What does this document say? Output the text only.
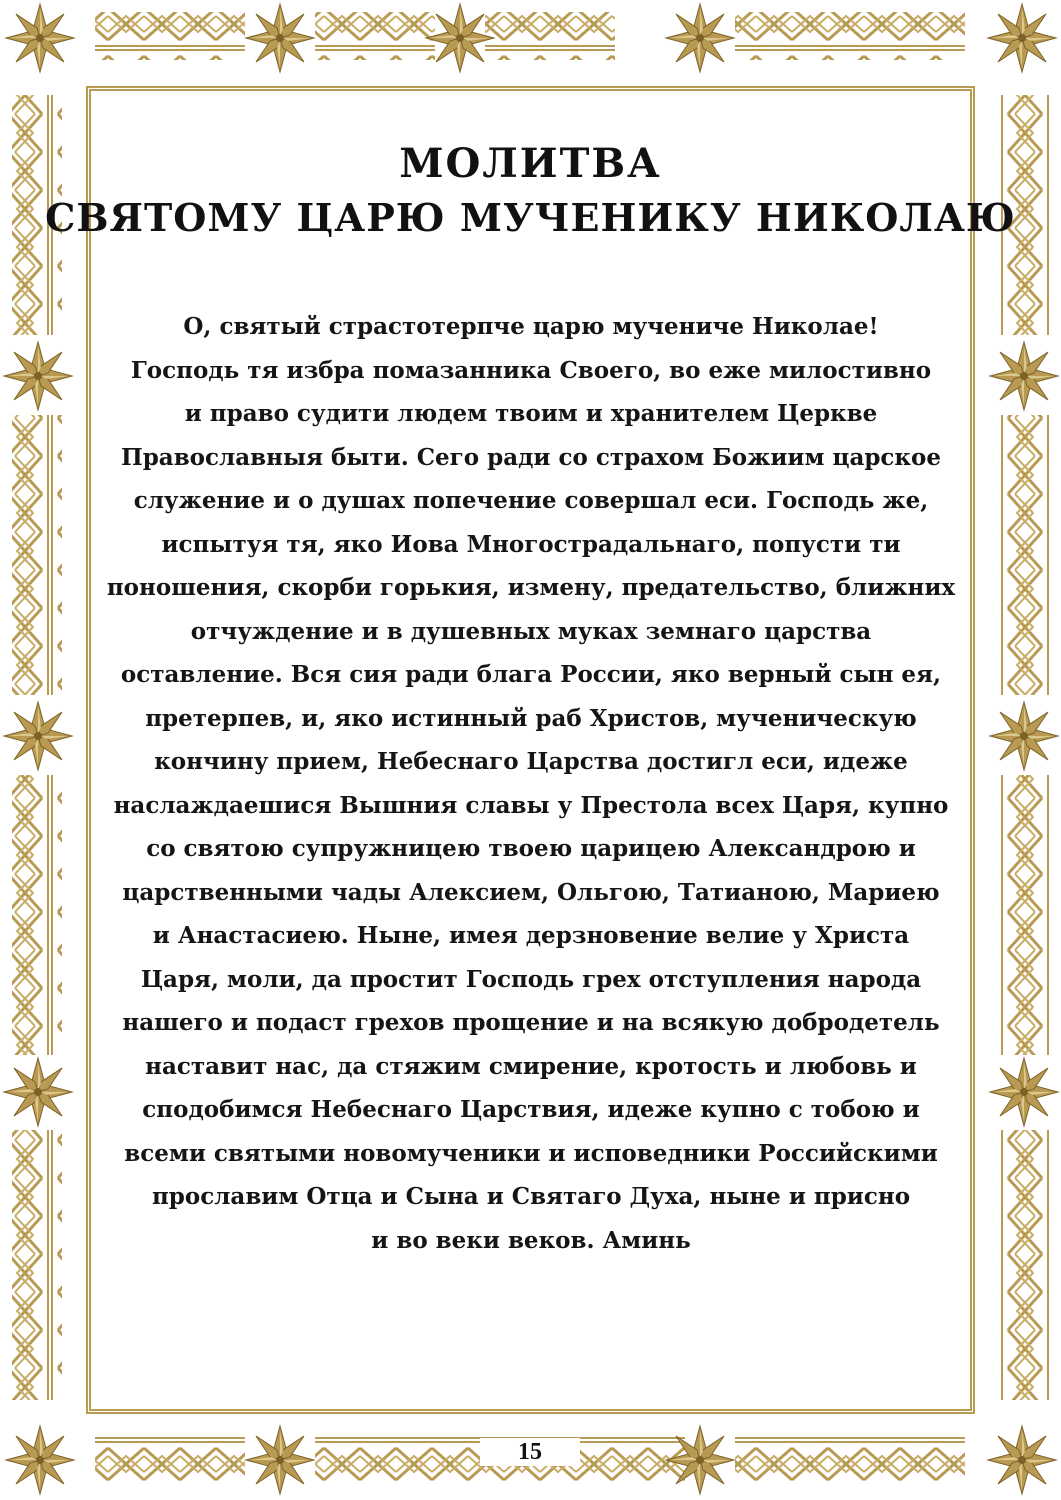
МОЛИТВА
СВЯТОМУ ЦАРЮ МУЧЕНИКУ НИКОЛАЮ

О, святый страстотерпче царю мучениче Николае!
Господь тя избра помазанника Своего, во еже милостивно
и право судити людем твоим и хранителем Церкве
Православныя быти. Сего ради со страхом Божиим царское
служение и о душах попечение совершал еси. Господь же,
испытуя тя, яко Иова Многострадальнаго, попусти ти
поношения, скорби горькия, измену, предательство, ближних
отчуждение и в душевных муках земнаго царства
оставление. Вся сия ради блага России, яко верный сын ея,
претерпев, и, яко истинный раб Христов, мученическую
кончину прием, Небеснаго Царства достигл еси, идеже
наслаждаешися Вышния славы у Престола всех Царя, купно
со святою супружницею твоею царицею Александрою и
царственными чады Алексием, Ольгою, Татианою, Мариею
и Анастасиею. Ныне, имея дерзновение велие у Христа
Царя, моли, да простит Господь грех отступления народа
нашего и подаст грехов прощение и на всякую добродетель
наставит нас, да стяжим смирение, кротость и любовь и
сподобимся Небеснаго Царствия, идеже купно с тобою и
всеми святыми новомученики и исповедники Российскими
прославим Отца и Сына и Святаго Духа, ныне и присно
и во веки веков. Аминь

15
